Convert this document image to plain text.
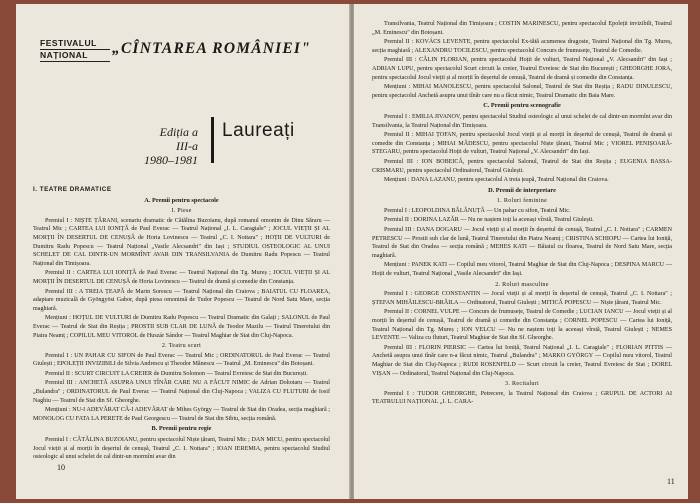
FESTIVALUL
NAȚIONAL	„CÎNTAREA ROMÂNIEI"
Ediția a
III-a
1980–1981
Laureați
I. TEATRE DRAMATICE
A. Premii pentru spectacole
I. Piese
Premiul I : NIȘTE ȚĂRANI, scenariu dramatic de Cătălina Buzoianu, după romanul omonim de Dinu Săraru — Teatrul Mic ; CARTEA LUI IONIȚĂ de Paul Everac — Teatrul Național „I. L. Caragiale" ; JOCUL VIEȚII ȘI AL MORȚII ÎN DESERTUL DE CENUȘĂ de Horia Lovinescu — Teatrul „C. I. Nottara" ; HOȚII DE VULTURI de Dumitru Radu Popescu — Teatrul Național „Vasile Alecsandri" din Iași ; STUDIUL OSTEOLOGIC AL UNUI SCHELET DE CAL DINTR-UN MORMÎNT AVAR DIN TRANSILVANIA de Dumitru Radu Popescu — Teatrul Național din Timișoara.
Premiul II : CARTEA LUI IONIȚĂ de Paul Everac — Teatrul Național din Tg. Mureș ; JOCUL VIEȚII ȘI AL MORȚII ÎN DESERTUL DE CENUȘĂ de Horia Lovinescu — Teatrul de dramă și comedie din Constanța.
Premiul III : A TREIA ȚEAPĂ de Marin Sorescu — Teatrul Național din Craiova ; BAIATUL CU FLOAREA, adaptare muzicală de Gyöngyösi Gabor, după piesa omonimă de Tudor Popescu — Teatrul de Nord Satu Mare, secția maghiară.
Mențiuni : HOȚUL DE VULTURI de Dumitru Radu Popescu — Teatrul Dramatic din Galați ; SALONUL de Paul Everac — Teatrul de Stat din Reșița ; PROSTII SUB CLAR DE LUNĂ de Teodor Mazilu — Teatrul Tineretului din Piatra Neamț ; COPILUL MEU VITOROL de Huszár Sándor — Teatrul Maghiar de Stat din Cluj-Napoca.
2. Teatru scurt
Premiul I : UN PAHAR CU SIFON de Paul Everac — Teatrul Mic ; ORDINATORUL de Paul Everac — Teatrul Giulești ; EPOLEȚII INVIZIBILI de Silvia Andrescu și Theodor Mănescu — Teatrul „M. Eminescu" din Botoșani.
Premiul II : SCURT CIRCUIT LA CREIER de Dumitru Solomon — Teatrul Evreiesc de Stat din București.
Premiul III : ANCHETĂ ASUPRA UNUI TÎNĂR CARE NU A FĂCUT NIMIC de Adrian Dohotaru — Teatrul „Bulandra" ; ORDINATORUL de Paul Everac — Teatrul Național din Cluj-Napoca ; VALIZA CU FLUTURI de Iosif Naghiu — Teatrul de Stat din Sf. Gheorghe.
Mențiuni : NU-I ADEVĂRAT CĂ-I ADEVĂRAT de Mihes György — Teatrul de Stat din Oradea, secția maghiară ; MONOLOG CU FATA LA PERETE de Paul Georgescu — Teatrul de Stat din Sibiu, secția română.
B. Premii pentru regie
Premiul I : CĂTĂLINA BUZOIANU, pentru spectacolul Niște țărani, Teatrul Mic ; DAN MICU, pentru spectacolul Jocul vieții și al morții în deșertul de cenușă, Teatrul „C. I. Nottara" ; IOAN IEREMIA, pentru spectacolul Studiul osteologic al unui schelet de cal dintr-un mormînt avar din
10
Transilvania, Teatrul Național din Timișoara ; COSTIN MARINESCU, pentru spectacolul Epoleții invizibili, Teatrul „M. Eminescu" din Botoșani.
Premiul II : KOVÁCS LEVENTE, pentru spectacolul Ex-tătă acumenea dragoste, Teatrul Național din Tg. Mureș, secția maghiară ; ALEXANDRU TOCILESCU, pentru spectacolul Concurs de frumusețe, Teatrul de Comedie.
Premiul III : CĂLIN FLORIAN, pentru spectacolul Hoții de vulturi, Teatrul Național „V. Alecsandri" din Iași ; ADRIAN LUPU, pentru spectacolul Scurt circuit la creier, Teatrul Evreiesc de Stat din București ; GHEORGHE JORA, pentru spectacolul Jocul vieții și al morții în deșertul de cenușă, Teatrul de dramă și comedie din Constanța.
Mențiuni : MIHAI MANOLESCU, pentru spectacolul Salonul, Teatrul de Stat din Reșița ; RADU DINULESCU, pentru spectacolul Anchetă asupra unui tînăr care nu a făcut nimic, Teatrul Dramatic din Baia Mare.
C. Premii pentru scenografie
Premiul I : EMILIA JIVANOV, pentru spectacolul Studiul osteologic al unui schelet de cal dintr-un mormînt avar din Transilvania, la Teatrul Național din Timișoara.
Premiul II : MIHAI ȚOFAN, pentru spectacolul Jocul vieții și al morții în deșertul de cenușă, Teatrul de dramă și comedie din Constanța ; MIHAI MĂDESCU, pentru spectacolul Niște țărani, Teatrul Mic ; VIOREL PENIȘOARĂ-STEGARU, pentru spectacolul Hoții de vulturi, Teatrul Național „V. Alecsandri" din Iași.
Premiul III : ION BOBEICĂ, pentru spectacolul Salonul, Teatrul de Stat din Reșița ; EUGENIA BASSA-CRISMARU, pentru spectacolul Ordinatorul, Teatrul Giulești.
Mențiuni : DANA LAZANU, pentru spectacolul A treia țeapă, Teatrul Național din Craiova.
D. Premii de interpretare
1. Roluri feminine
Premiul I : LEOPOLDINA BĂLĂNUȚĂ — Un pahar cu sifon, Teatrul Mic.
Premiul II : DORINA LAZĂR — Nu ne naștem toți la aceeași vîrstă, Teatrul Giulești.
Premiul III : DANA DOGARU — Jocul vieții și al morții în deșertul de cenușă, Teatrul „C. I. Nottara" ; CARMEN PETRESCU — Prostii sub clar de lună, Teatrul Tineretului din Piatra Neamț ; CRISTINA SCHIOPU — Cartea lui Ioniță, Teatrul de Stat din Oradea — secția română ; MEHES KATI — Băiatul cu floarea, Teatrul de Nord Satu Mare, secția maghiară.
Mențiuni : PANEK KATI — Copilul meu vitorol, Teatrul Maghiar de Stat din Cluj-Napoca ; DESPINA MARCU — Hoții de vulturi, Teatrul Național „Vasile Alecsandri" din Iași.
2. Roluri masculine
Premiul I : GEORGE CONSTANTIN — Jocul vieții și al morții în deșertul de cenușă, Teatrul „C. I. Nottara" ; ȘTEFAN MIHĂILESCU-BRĂILA — Ordinatorul, Teatrul Giulești ; MITICĂ POPESCU — Niște țărani, Teatrul Mic.
Premiul II : CORNEL VULPE — Concurs de frumusețe, Teatrul de Comedie ; LUCIAN IANCU — Jocul vieții și al morții în deșertul de cenușă, Teatrul de dramă și comedie din Constanța ; CORNEL POPESCU — Cartea lui Ioniță, Teatrul Național din Tg. Mureș ; ION VELCU — Nu ne naștem toți la aceeași vîrstă, Teatrul Giulești ; NEMES LEVENTE — Valiza cu fluturi, Teatrul Maghiar de Stat din Sf. Gheorghe.
Premiul III : FLORIN PIERSIC — Cartea lui Ioniță, Teatrul Național „I. L. Caragiale" ; FLORIAN PITTIS — Anchetă asupra unui tînăr care n-a făcut nimic, Teatrul „Bulandra" ; MARKO GYÖRGY — Copilul meu vitorol, Teatrul Maghiar de Stat din Cluj-Napoca ; RUDI ROSENFELD — Scurt circuit la creier, Teatrul Evreiesc de Stat ; DOREL VIȘAN — Ordinatorul, Teatrul Național din Cluj-Napoca.
3. Recitaluri
Premiul I : TUDOR GHEORGHE, Petrecere, la Teatrul Național din Craiova ; GRUPUL DE ACTORI AI TEATRULUI NAȚIONAL „I. L. CARA-
11
